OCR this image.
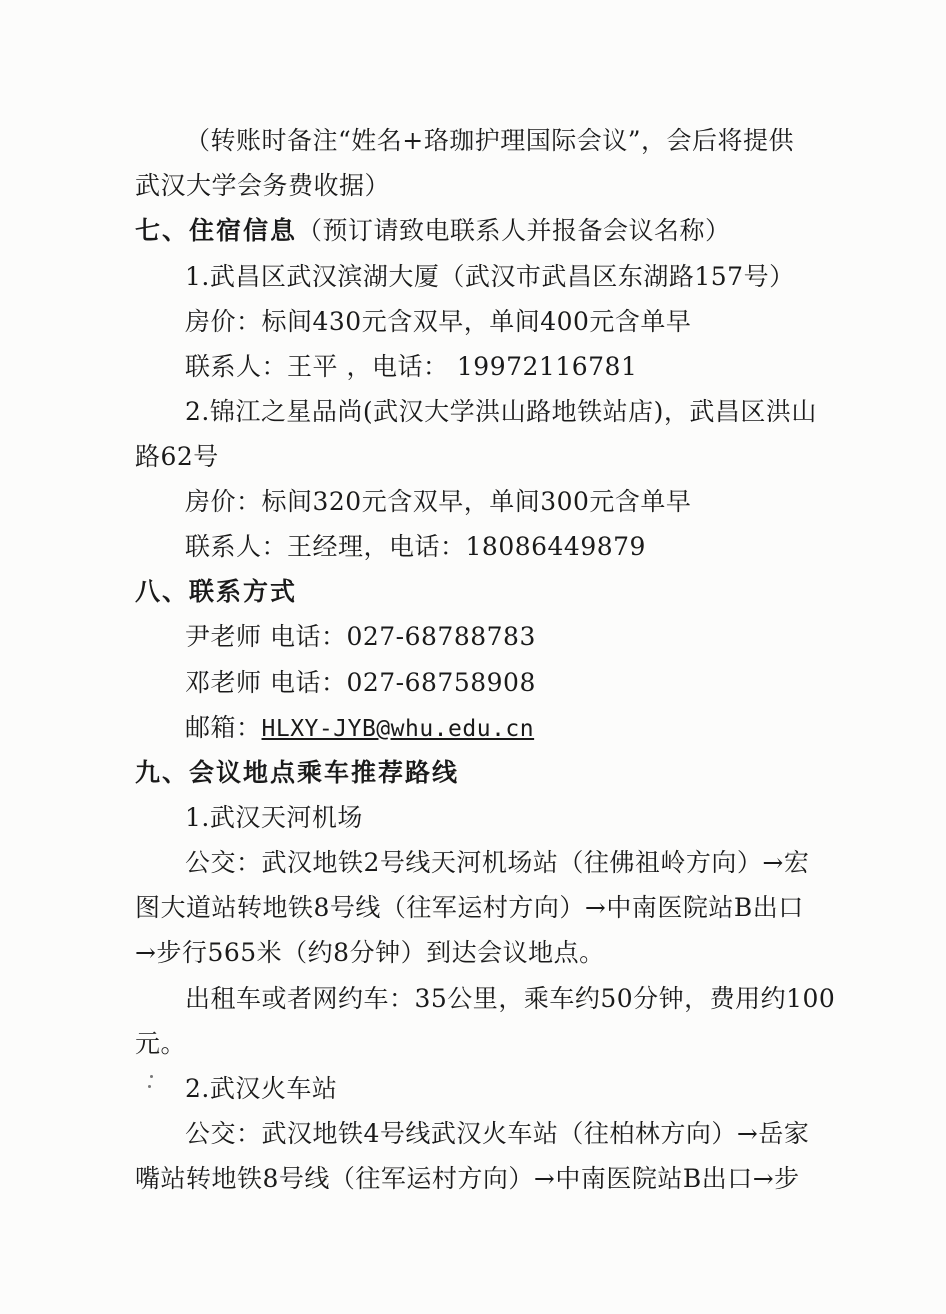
（转账时备注“姓名+珞珈护理国际会议”，会后将提供
武汉大学会务费收据）
七、住宿信息（预订请致电联系人并报备会议名称）
1.武昌区武汉滨湖大厦（武汉市武昌区东湖路157号）
房价：标间430元含双早，单间400元含单早
联系人：王平 ，电话： 19972116781
2.锦江之星品尚(武汉大学洪山路地铁站店)，武昌区洪山
路62号
房价：标间320元含双早，单间300元含单早
联系人：王经理，电话：18086449879
八、联系方式
尹老师 电话：027-68788783
邓老师 电话：027-68758908
邮箱：HLXY-JYB@whu.edu.cn
九、会议地点乘车推荐路线
1.武汉天河机场
公交：武汉地铁2号线天河机场站（往佛祖岭方向）→宏
图大道站转地铁8号线（往军运村方向）→中南医院站B出口
→步行565米（约8分钟）到达会议地点。
出租车或者网约车：35公里，乘车约50分钟，费用约100
元。
2.武汉火车站
公交：武汉地铁4号线武汉火车站（往柏林方向）→岳家
嘴站转地铁8号线（往军运村方向）→中南医院站B出口→步
